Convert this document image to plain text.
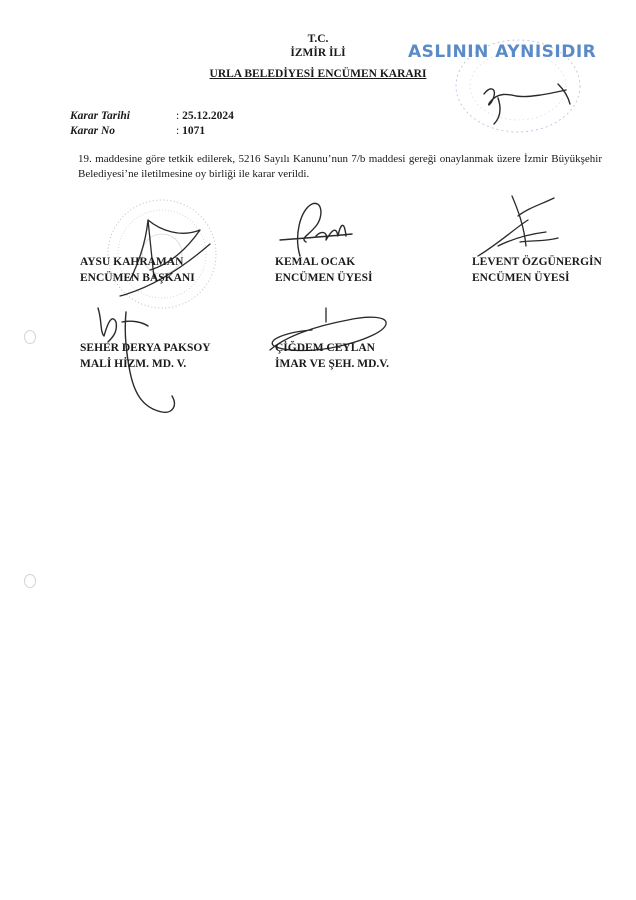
T.C.
İZMİR İLİ
URLA BELEDİYESİ ENCÜMEN KARARI
ASLININ AYNISIDIR
Karar Tarihi	: 25.12.2024
Karar No	: 1071
19. maddesine göre tetkik edilerek, 5216 Sayılı Kanunu’nun 7/b maddesi gereği onaylanmak üzere İzmir Büyükşehir Belediyesi’ne iletilmesine oy birliği ile karar verildi.
AYSU KAHRAMAN
ENCÜMEN BAŞKANI
KEMAL OCAK
ENCÜMEN ÜYESİ
LEVENT ÖZGÜNERGİN
ENCÜMEN ÜYESİ
SEHER DERYA PAKSOY
MALİ HİZM. MD. V.
ÇİĞDEM CEYLAN
İMAR VE ŞEH. MD.V.
